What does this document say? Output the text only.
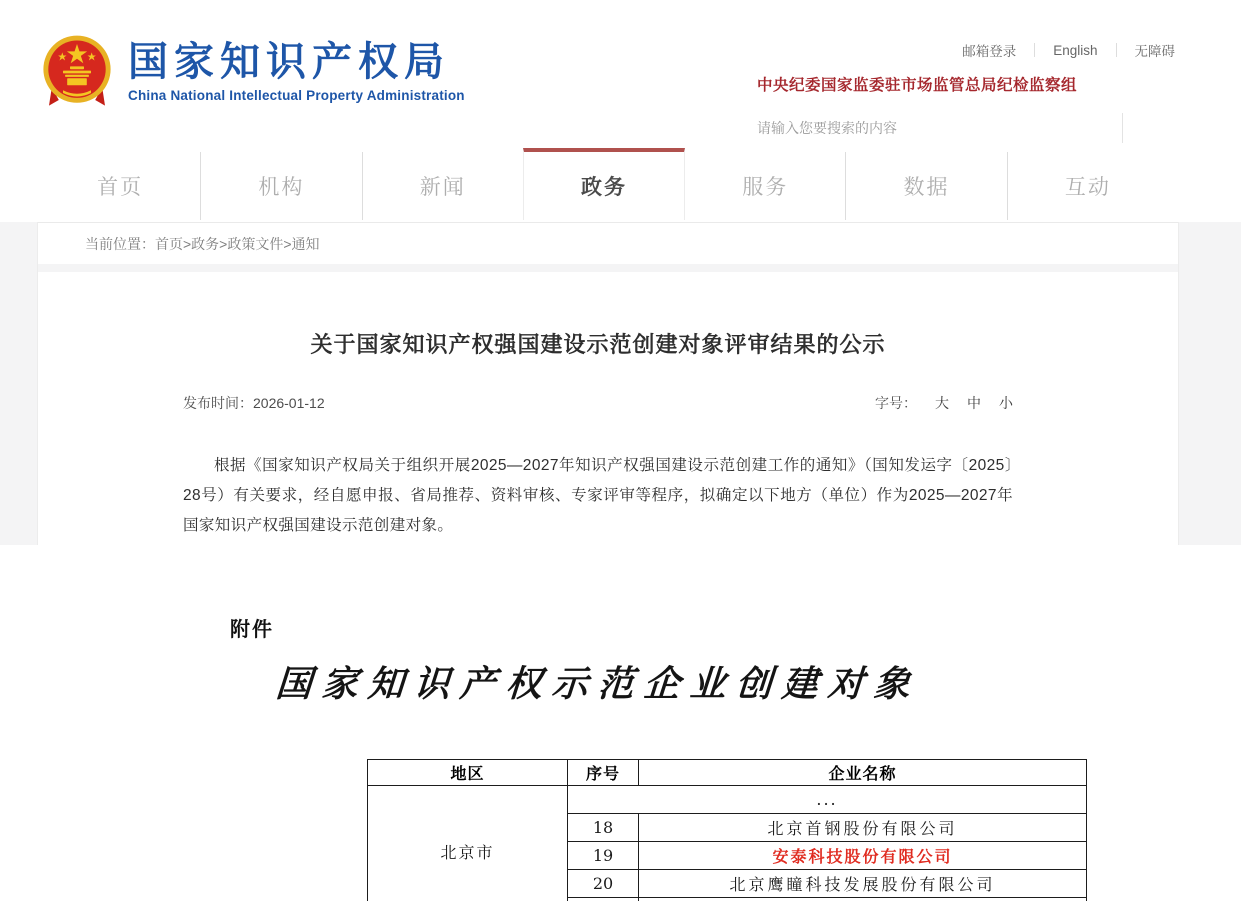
国家知识产权局
China National Intellectual Property Administration
邮箱登录	English	无障碍
中央纪委国家监委驻市场监管总局纪检监察组
请输入您要搜索的内容
首页	机构	新闻	政务	服务	数据	互动
当前位置： 首页>政务>政策文件>通知
关于国家知识产权强国建设示范创建对象评审结果的公示
发布时间：2026-01-12	字号： 大 中 小
根据《国家知识产权局关于组织开展2025—2027年知识产权强国建设示范创建工作的通知》（国知发运字〔2025〕28号）有关要求，经自愿申报、省局推荐、资料审核、专家评审等程序，拟确定以下地方（单位）作为2025—2027年国家知识产权强国建设示范创建对象。
附件
国家知识产权示范企业创建对象
地区	序号	企业名称
北京市	...	
	18	北京首钢股份有限公司
	19	安泰科技股份有限公司
	20	北京鹰瞳科技发展股份有限公司
